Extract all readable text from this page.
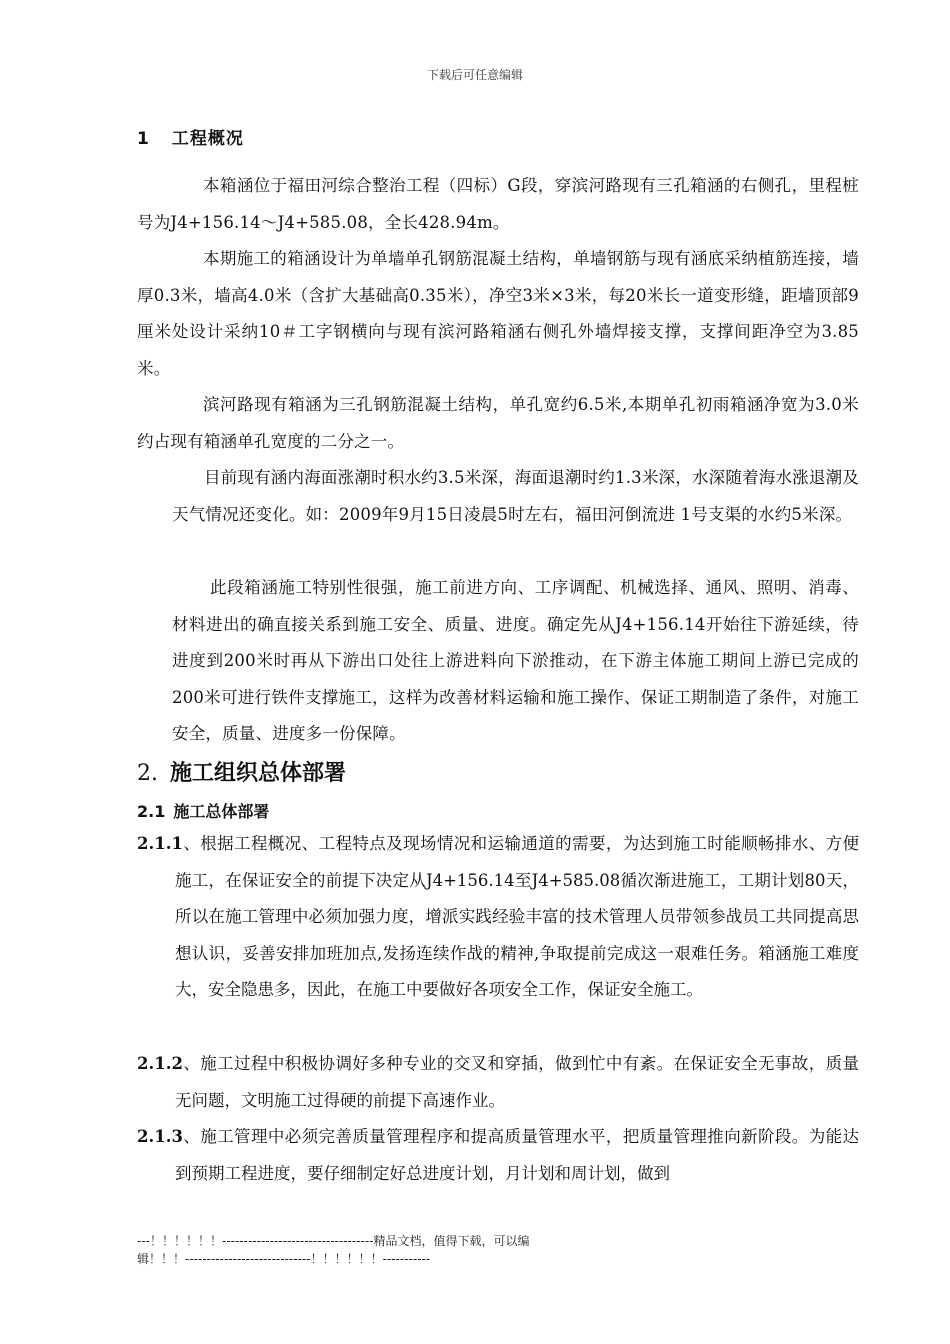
下载后可任意编辑
1 工程概况
本箱涵位于福田河综合整治工程（四标）G段，穿滨河路现有三孔箱涵的右侧孔，里程桩号为J4+156.14～J4+585.08，全长428.94m。
本期施工的箱涵设计为单墙单孔钢筋混凝土结构，单墙钢筋与现有涵底采纳植筋连接，墙厚0.3米，墙高4.0米（含扩大基础高0.35米），净空3米×3米，每20米长一道变形缝，距墙顶部9厘米处设计采纳10＃工字钢横向与现有滨河路箱涵右侧孔外墙焊接支撑，支撑间距净空为3.85米。
滨河路现有箱涵为三孔钢筋混凝土结构，单孔宽约6.5米,本期单孔初雨箱涵净宽为3.0米约占现有箱涵单孔宽度的二分之一。
目前现有涵内海面涨潮时积水约3.5米深，海面退潮时约1.3米深，水深随着海水涨退潮及天气情况还变化。如：2009年9月15日凌晨5时左右，福田河倒流进 1号支渠的水约5米深。
此段箱涵施工特别性很强，施工前进方向、工序调配、机械选择、通风、照明、消毒、材料进出的确直接关系到施工安全、质量、进度。确定先从J4+156.14开始往下游延续，待进度到200米时再从下游出口处往上游进料向下淤推动，在下游主体施工期间上游已完成的200米可进行铁件支撑施工，这样为改善材料运输和施工操作、保证工期制造了条件，对施工安全，质量、进度多一份保障。
2. 施工组织总体部署
2.1 施工总体部署
2.1.1、根据工程概况、工程特点及现场情况和运输通道的需要，为达到施工时能顺畅排水、方便施工，在保证安全的前提下决定从J4+156.14至J4+585.08循次渐进施工，工期计划80天，所以在施工管理中必须加强力度，增派实践经验丰富的技术管理人员带领参战员工共同提高思想认识，妥善安排加班加点,发扬连续作战的精神,争取提前完成这一艰难任务。箱涵施工难度大，安全隐患多，因此，在施工中要做好各项安全工作，保证安全施工。
2.1.2、施工过程中积极协调好多种专业的交叉和穿插，做到忙中有紊。在保证安全无事故，质量无问题，文明施工过得硬的前提下高速作业。
2.1.3、施工管理中必须完善质量管理程序和提高质量管理水平，把质量管理推向新阶段。为能达到预期工程进度，要仔细制定好总进度计划，月计划和周计划，做到
---！！！！！！-----------------------------------精品文档，值得下载，可以编
辑！！！-----------------------------！！！！！！-----------
